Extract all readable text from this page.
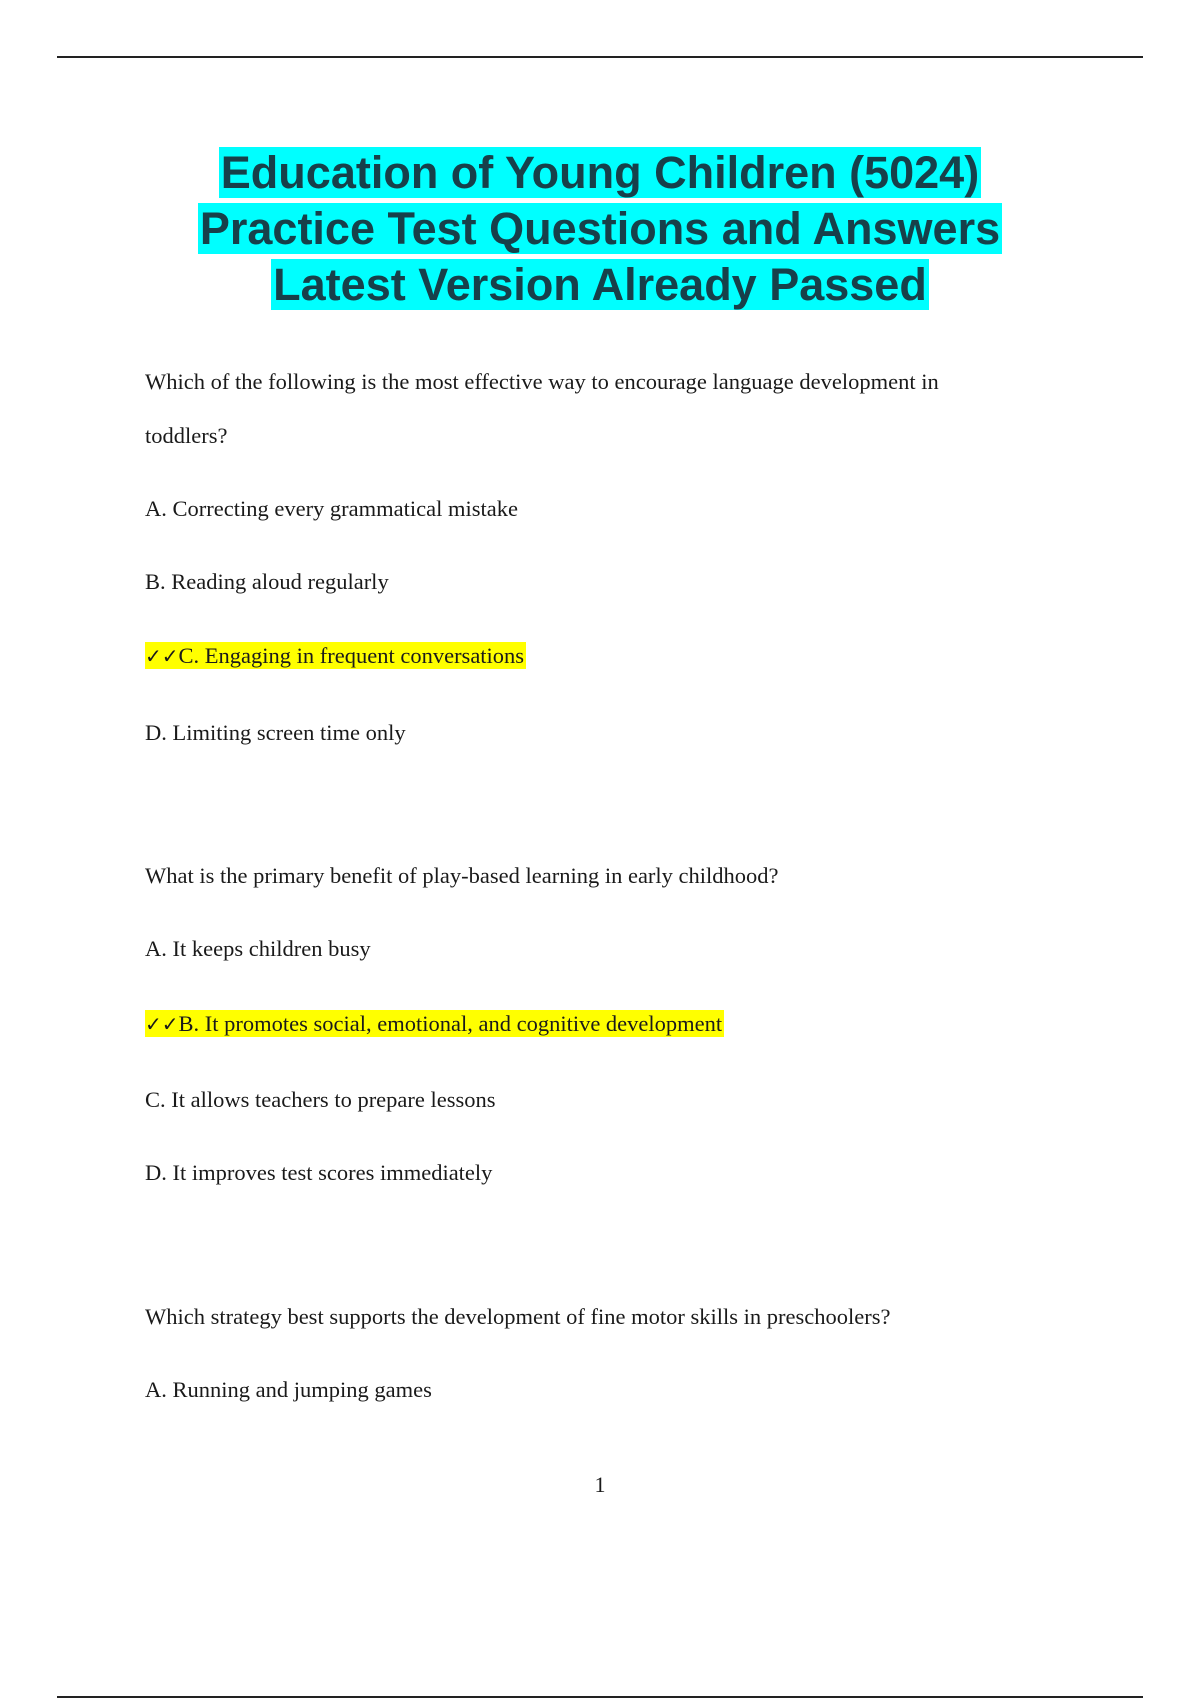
Education of Young Children (5024)
Practice Test Questions and Answers
Latest Version Already Passed
Which of the following is the most effective way to encourage language development in
toddlers?
A. Correcting every grammatical mistake
B. Reading aloud regularly
✓✓C. Engaging in frequent conversations
D. Limiting screen time only
What is the primary benefit of play-based learning in early childhood?
A. It keeps children busy
✓✓B. It promotes social, emotional, and cognitive development
C. It allows teachers to prepare lessons
D. It improves test scores immediately
Which strategy best supports the development of fine motor skills in preschoolers?
A. Running and jumping games
1
